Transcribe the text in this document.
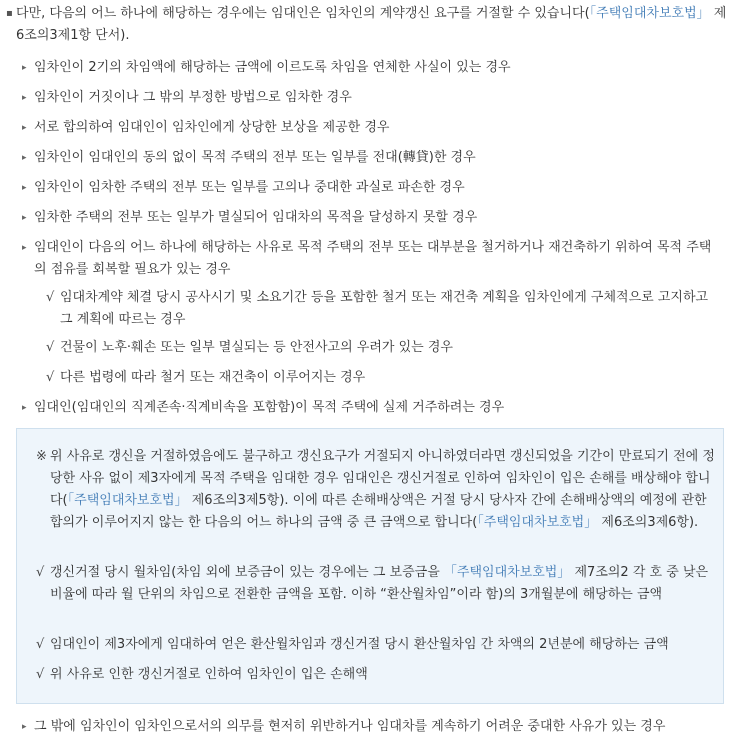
▪ 다만, 다음의 어느 하나에 해당하는 경우에는 임대인은 임차인의 계약갱신 요구를 거절할 수 있습니다(「주택임대차보호법」 제6조의3제1항 단서).
▸ 임차인이 2기의 차임액에 해당하는 금액에 이르도록 차임을 연체한 사실이 있는 경우
▸ 임차인이 거짓이나 그 밖의 부정한 방법으로 임차한 경우
▸ 서로 합의하여 임대인이 임차인에게 상당한 보상을 제공한 경우
▸ 임차인이 임대인의 동의 없이 목적 주택의 전부 또는 일부를 전대(轉貸)한 경우
▸ 임차인이 임차한 주택의 전부 또는 일부를 고의나 중대한 과실로 파손한 경우
▸ 임차한 주택의 전부 또는 일부가 멸실되어 임대차의 목적을 달성하지 못할 경우
▸ 임대인이 다음의 어느 하나에 해당하는 사유로 목적 주택의 전부 또는 대부분을 철거하거나 재건축하기 위하여 목적 주택의 점유를 회복할 필요가 있는 경우
√ 임대차계약 체결 당시 공사시기 및 소요기간 등을 포함한 철거 또는 재건축 계획을 임차인에게 구체적으로 고지하고 그 계획에 따르는 경우
√ 건물이 노후·훼손 또는 일부 멸실되는 등 안전사고의 우려가 있는 경우
√ 다른 법령에 따라 철거 또는 재건축이 이루어지는 경우
▸ 임대인(임대인의 직계존속·직계비속을 포함함)이 목적 주택에 실제 거주하려는 경우
※ 위 사유로 갱신을 거절하였음에도 불구하고 갱신요구가 거절되지 아니하였더라면 갱신되었을 기간이 만료되기 전에 정당한 사유 없이 제3자에게 목적 주택을 임대한 경우 임대인은 갱신거절로 인하여 임차인이 입은 손해를 배상해야 합니다(「주택임대차보호법」 제6조의3제5항). 이에 따른 손해배상액은 거절 당시 당사자 간에 손해배상액의 예정에 관한 합의가 이루어지지 않는 한 다음의 어느 하나의 금액 중 큰 금액으로 합니다(「주택임대차보호법」 제6조의3제6항).
√ 갱신거절 당시 월차임(차임 외에 보증금이 있는 경우에는 그 보증금을 「주택임대차보호법」 제7조의2 각 호 중 낮은 비율에 따라 월 단위의 차임으로 전환한 금액을 포함. 이하 “환산월차임”이라 함)의 3개월분에 해당하는 금액
√ 임대인이 제3자에게 임대하여 얻은 환산월차임과 갱신거절 당시 환산월차임 간 차액의 2년분에 해당하는 금액
√ 위 사유로 인한 갱신거절로 인하여 임차인이 입은 손해액
▸ 그 밖에 임차인이 임차인으로서의 의무를 현저히 위반하거나 임대차를 계속하기 어려운 중대한 사유가 있는 경우
